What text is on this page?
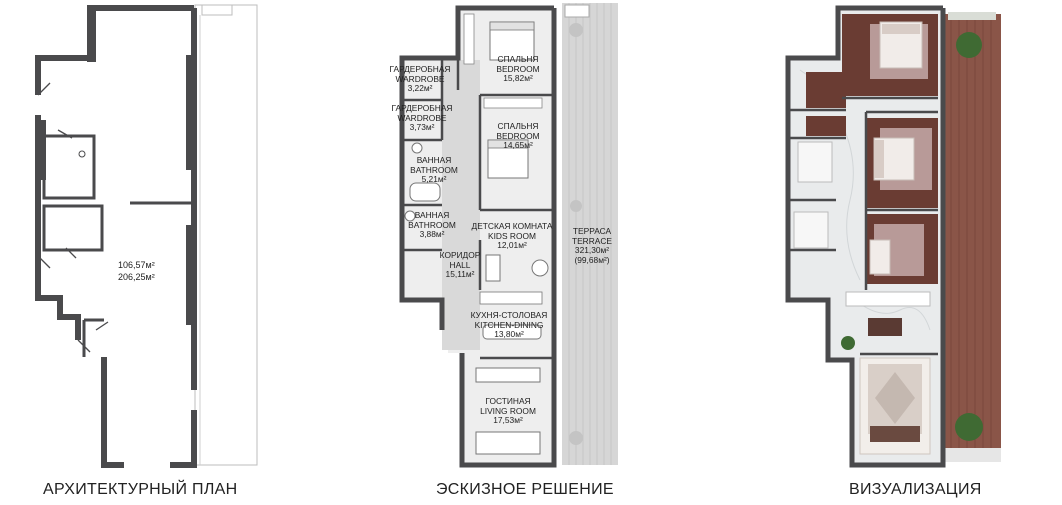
106,57м²
206,25м²
ГАРДЕРОБНАЯ
WARDROBE
3,22м²
СПАЛЬНЯ
BEDROOM
15,82м²
ГАРДЕРОБНАЯ
WARDROBE
3,73м²	СПАЛЬНЯ
BEDROOM
14,65м²
ВАННАЯ
BATHROOM
5,21м²
ВАННАЯ
BATHROOM
3,88м²
ДЕТСКАЯ КОМНАТА
KIDS ROOM
12,01м²
КОРИДОР
HALL
15,11м²
ТЕРРАСА
TERRACE
321,30м²
(99,68м²)
КУХНЯ-СТОЛОВАЯ
KITCHEN-DINING
13,80м²
ГОСТИНАЯ
LIVING ROOM
17,53м²
АРХИТЕКТУРНЫЙ ПЛАН	ЭСКИЗНОЕ РЕШЕНИЕ	ВИЗУАЛИЗАЦИЯ
